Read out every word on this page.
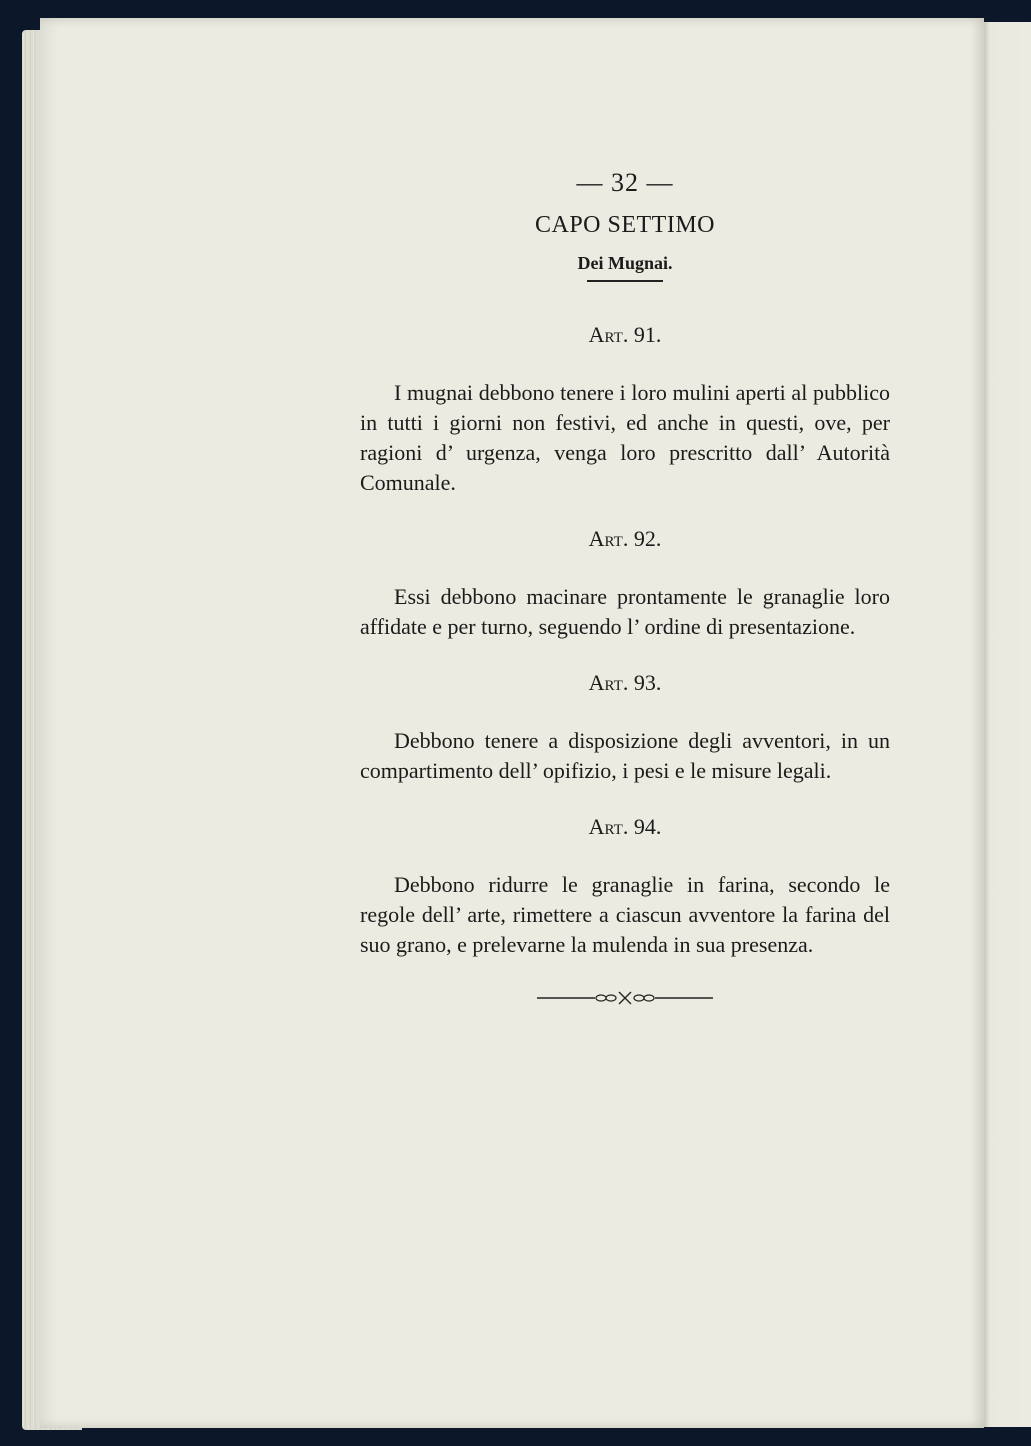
— 32 —
CAPO SETTIMO
Dei Mugnai.
Art. 91.

I mugnai debbono tenere i loro mulini aperti al pubblico in tutti i giorni non festivi, ed anche in questi, ove, per ragioni d’ urgenza, venga loro prescritto dall’ Autorità Comunale.

Art. 92.

Essi debbono macinare prontamente le granaglie loro affidate e per turno, seguendo l’ ordine di presentazione.

Art. 93.

Debbono tenere a disposizione degli avventori, in un compartimento dell’ opifizio, i pesi e le misure legali.

Art. 94.

Debbono ridurre le granaglie in farina, secondo le regole dell’ arte, rimettere a ciascun avventore la farina del suo grano, e prelevarne la mulenda in sua presenza.
